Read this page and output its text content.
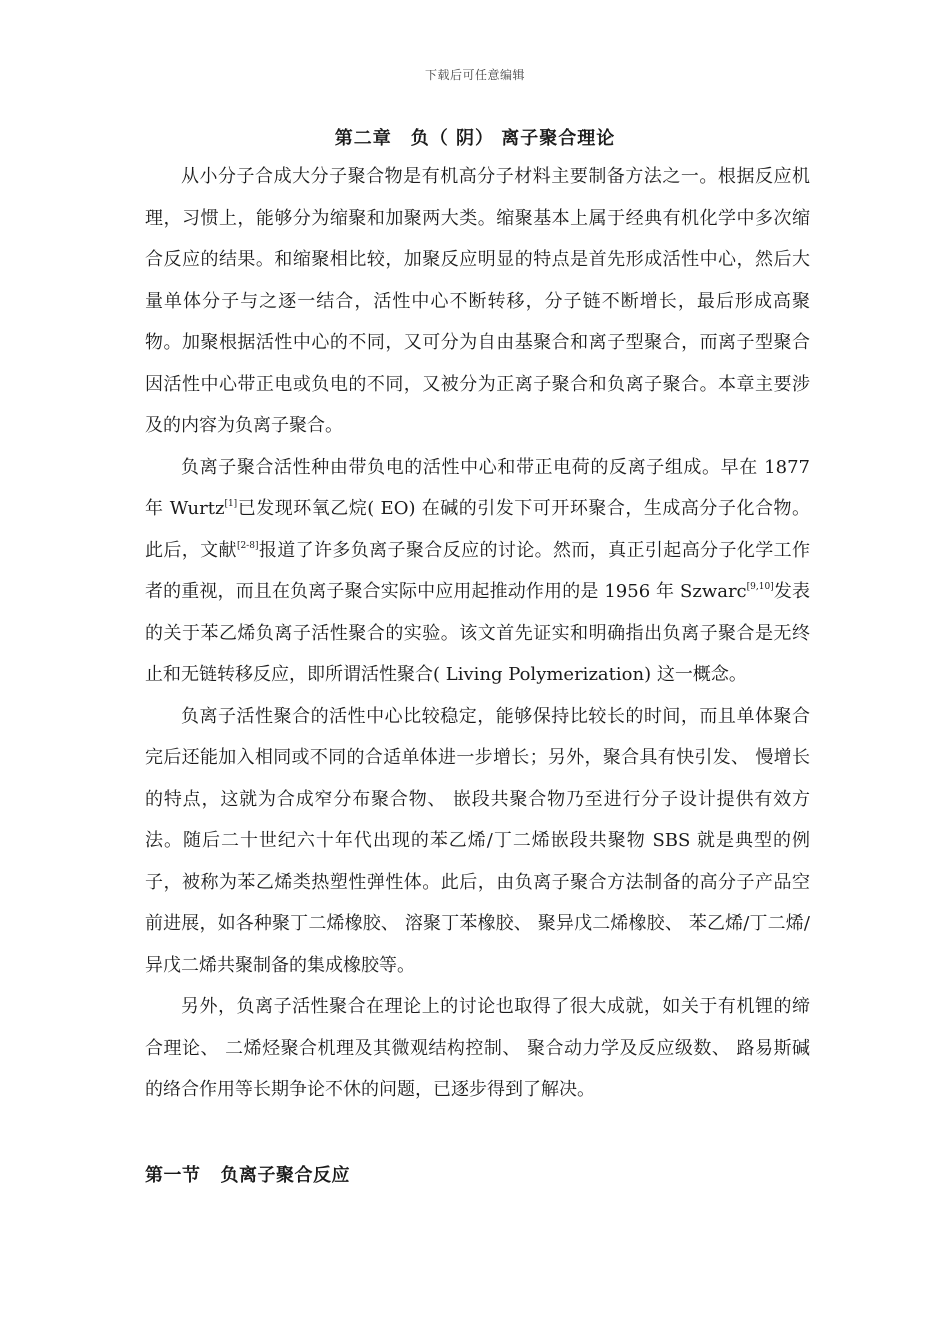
下载后可任意编辑
第二章　负（ 阴） 离子聚合理论

从小分子合成大分子聚合物是有机高分子材料主要制备方法之一。根据反应机理，习惯上，能够分为缩聚和加聚两大类。缩聚基本上属于经典有机化学中多次缩合反应的结果。和缩聚相比较，加聚反应明显的特点是首先形成活性中心，然后大量单体分子与之逐一结合，活性中心不断转移，分子链不断增长，最后形成高聚物。加聚根据活性中心的不同，又可分为自由基聚合和离子型聚合，而离子型聚合因活性中心带正电或负电的不同，又被分为正离子聚合和负离子聚合。本章主要涉及的内容为负离子聚合。

负离子聚合活性种由带负电的活性中心和带正电荷的反离子组成。早在 1877 年 Wurtz[1]已发现环氧乙烷( EO) 在碱的引发下可开环聚合，生成高分子化合物。此后，文献[2-8]报道了许多负离子聚合反应的讨论。然而，真正引起高分子化学工作者的重视，而且在负离子聚合实际中应用起推动作用的是 1956 年 Szwarc[9,10]发表的关于苯乙烯负离子活性聚合的实验。该文首先证实和明确指出负离子聚合是无终止和无链转移反应，即所谓活性聚合( Living Polymerization) 这一概念。

负离子活性聚合的活性中心比较稳定，能够保持比较长的时间，而且单体聚合完后还能加入相同或不同的合适单体进一步增长；另外，聚合具有快引发、 慢增长的特点，这就为合成窄分布聚合物、 嵌段共聚合物乃至进行分子设计提供有效方法。随后二十世纪六十年代出现的苯乙烯/丁二烯嵌段共聚物 SBS 就是典型的例子，被称为苯乙烯类热塑性弹性体。此后，由负离子聚合方法制备的高分子产品空前进展，如各种聚丁二烯橡胶、 溶聚丁苯橡胶、 聚异戊二烯橡胶、 苯乙烯/丁二烯/异戊二烯共聚制备的集成橡胶等。

另外，负离子活性聚合在理论上的讨论也取得了很大成就，如关于有机锂的缔合理论、 二烯烃聚合机理及其微观结构控制、 聚合动力学及反应级数、 路易斯碱的络合作用等长期争论不休的问题，已逐步得到了解决。

第一节 负离子聚合反应
